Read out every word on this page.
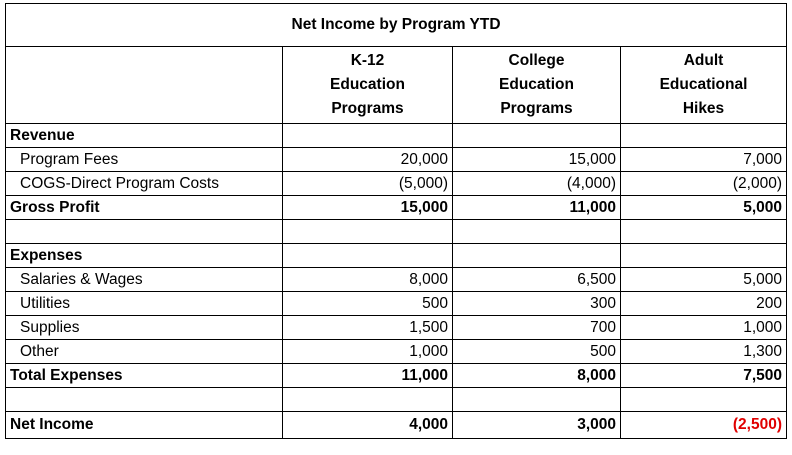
Net Income by Program YTD			

	K-12
Education
Programs	College
Education
Programs	Adult
Educational
Hikes

Revenue			
Program Fees	20,000	15,000	7,000
COGS-Direct Program Costs	(5,000)	(4,000)	(2,000)
Gross Profit	15,000	11,000	5,000

Expenses			
Salaries & Wages	8,000	6,500	5,000
Utilities	500	300	200
Supplies	1,500	700	1,000
Other	1,000	500	1,300
Total Expenses	11,000	8,000	7,500

Net Income	4,000	3,000	(2,500)
